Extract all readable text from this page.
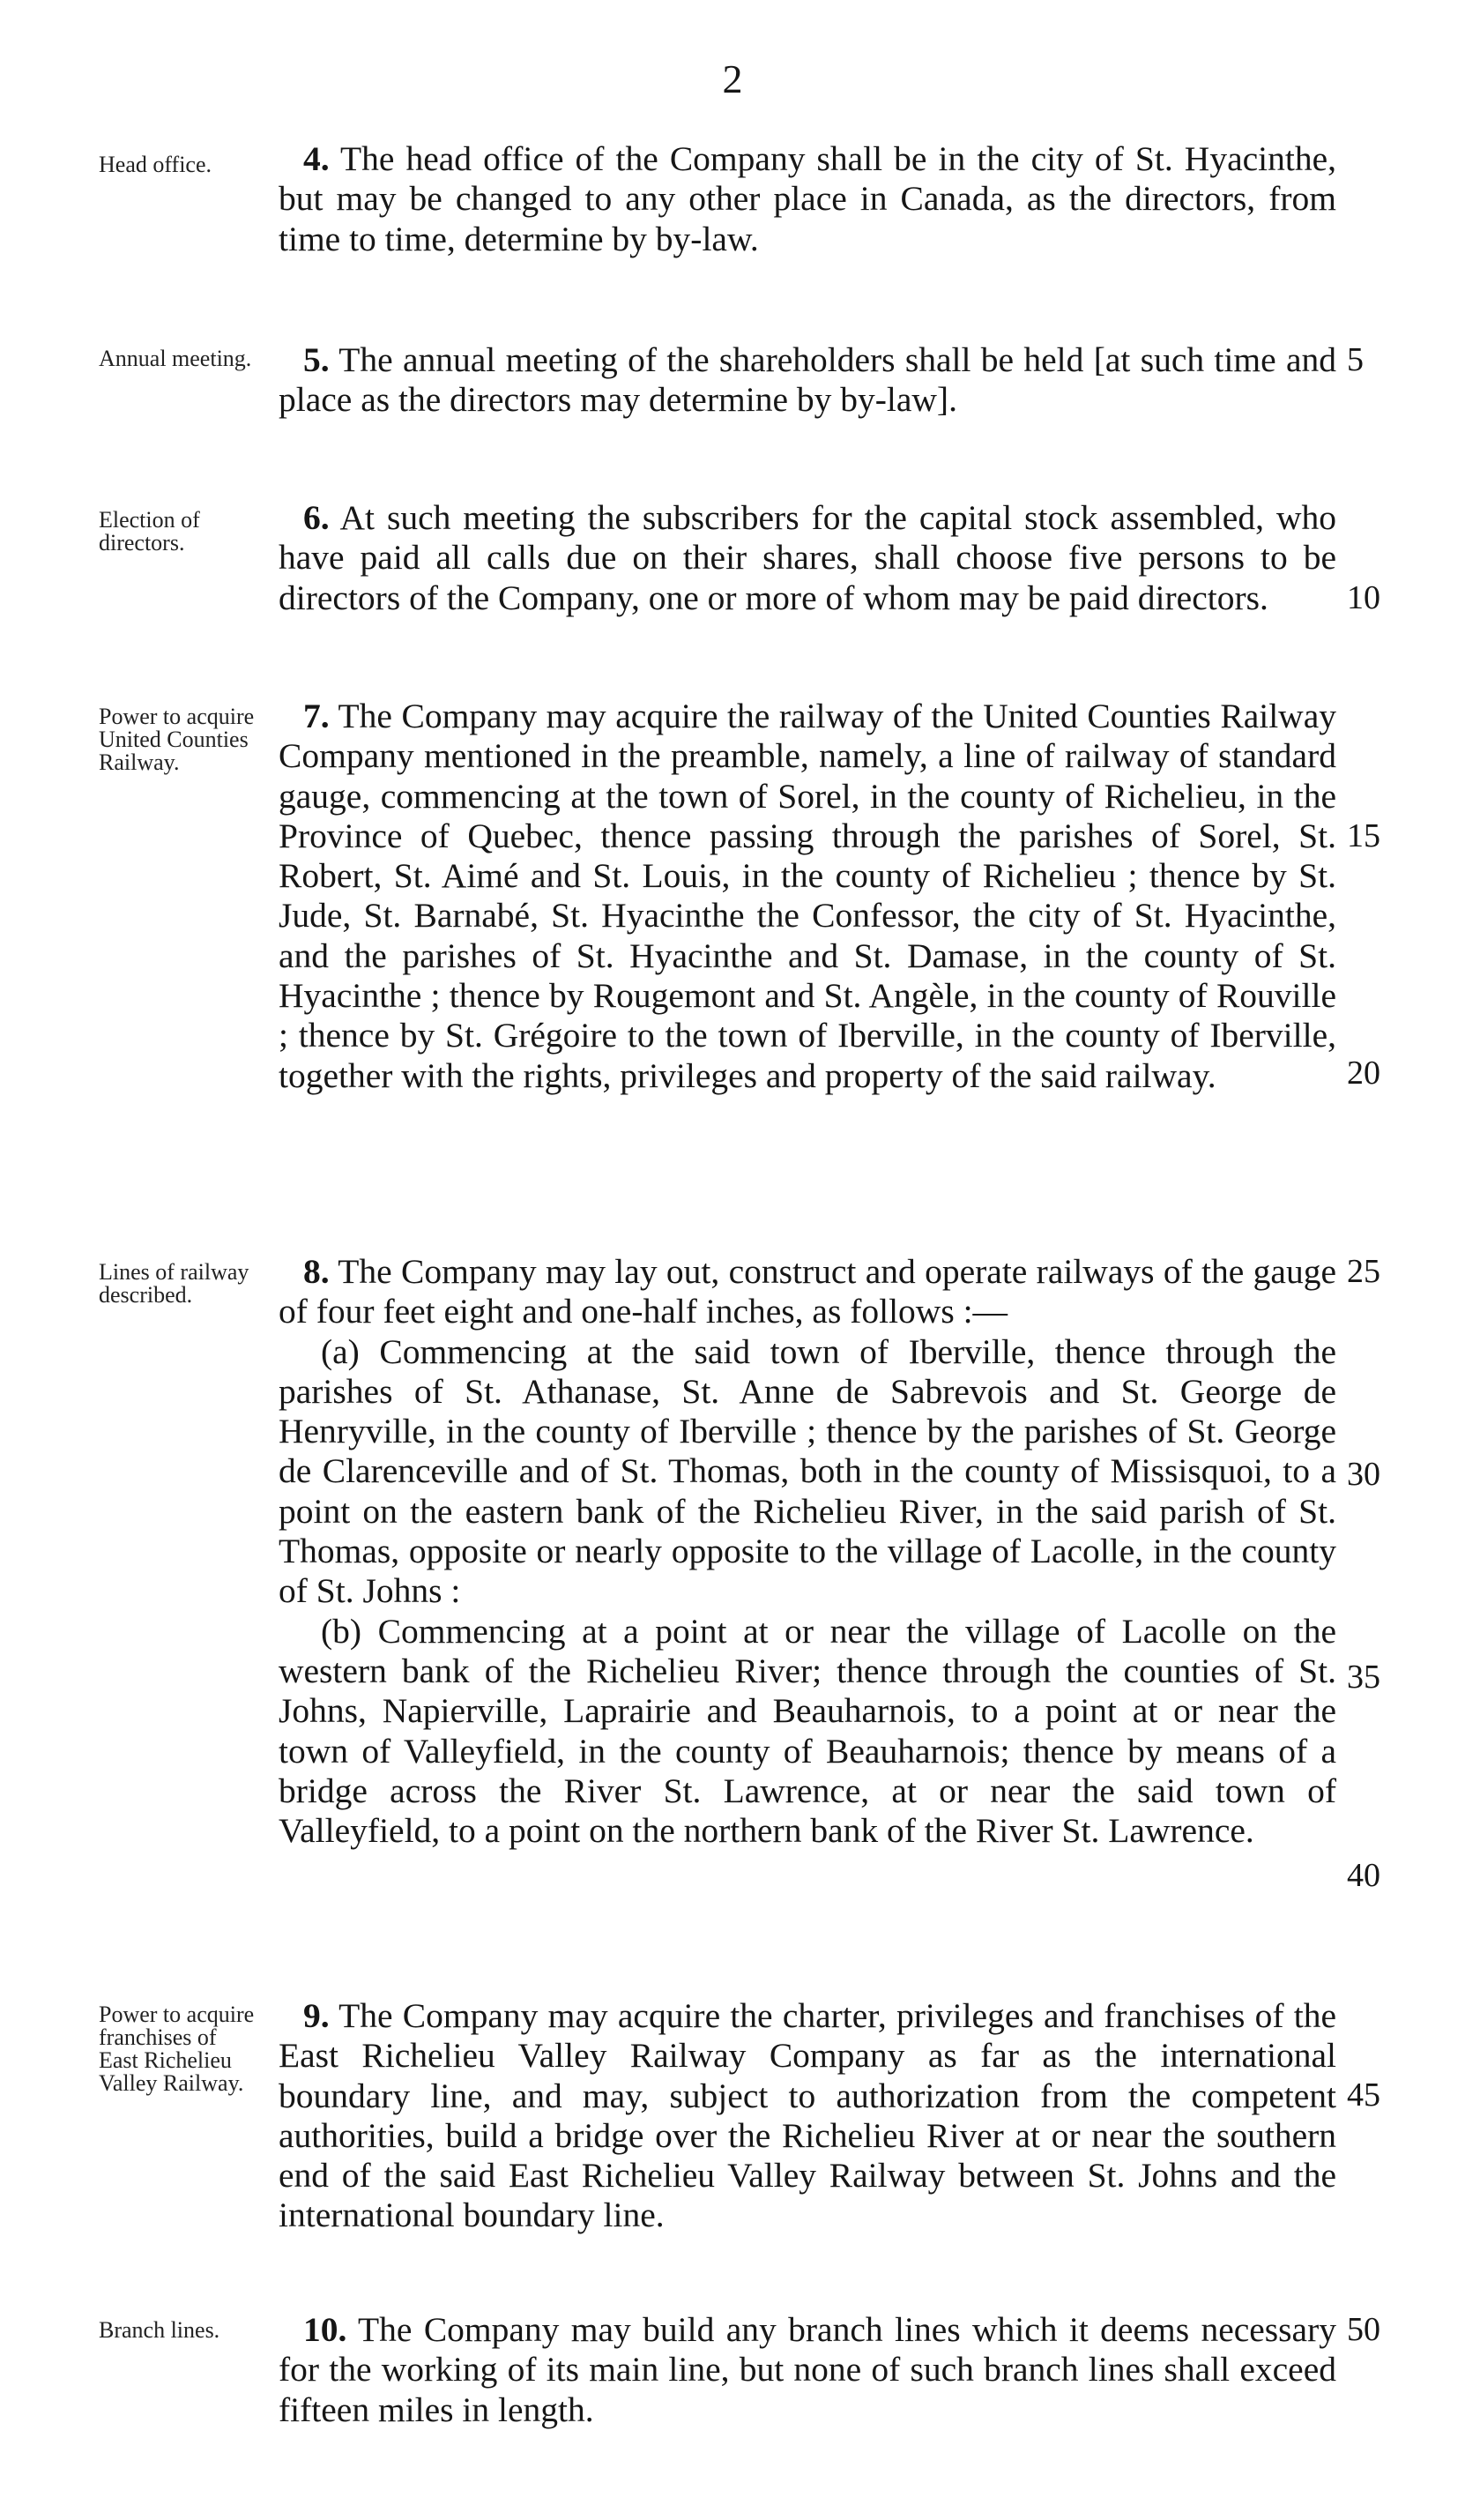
2
Head office.	4. The head office of the Company shall be in the city of St. Hyacinthe, but may be changed to any other place in Canada, as the directors, from time to time, determine by by-law.

Annual meeting.	5. The annual meeting of the shareholders shall be held [at such time and place as the directors may determine by by-law].

Election of directors.

6. At such meeting the subscribers for the capital stock assembled, who have paid all calls due on their shares, shall choose five persons to be directors of the Company, one or more of whom may be paid directors.

Power to acquire United Counties Railway.

7. The Company may acquire the railway of the United Counties Railway Company mentioned in the preamble, namely, a line of railway of standard gauge, commencing at the town of Sorel, in the county of Richelieu, in the Province of Quebec, thence passing through the parishes of Sorel, St. Robert, St. Aimé and St. Louis, in the county of Richelieu ; thence by St. Jude, St. Barnabé, St. Hyacinthe the Confessor, the city of St. Hyacinthe, and the parishes of St. Hyacinthe and St. Damase, in the county of St. Hyacinthe ; thence by Rougemont and St. Angèle, in the county of Rouville ; thence by St. Grégoire to the town of Iberville, in the county of Iberville, together with the rights, privileges and property of the said railway.

Lines of railway described.

8. The Company may lay out, construct and operate railways of the gauge of four feet eight and one-half inches, as follows :—

(a) Commencing at the said town of Iberville, thence through the parishes of St. Athanase, St. Anne de Sabrevois and St. George de Henryville, in the county of Iberville ; thence by the parishes of St. George de Clarenceville and of St. Thomas, both in the county of Missisquoi, to a point on the eastern bank of the Richelieu River, in the said parish of St. Thomas, opposite or nearly opposite to the village of Lacolle, in the county of St. Johns :

(b) Commencing at a point at or near the village of Lacolle on the western bank of the Richelieu River; thence through the counties of St. Johns, Napierville, Laprairie and Beauharnois, to a point at or near the town of Valleyfield, in the county of Beauharnois; thence by means of a bridge across the River St. Lawrence, at or near the said town of Valleyfield, to a point on the northern bank of the River St. Lawrence.

Power to acquire franchises of East Richelieu Valley Railway.

9. The Company may acquire the charter, privileges and franchises of the East Richelieu Valley Railway Company as far as the international boundary line, and may, subject to authorization from the competent authorities, build a bridge over the Richelieu River at or near the southern end of the said East Richelieu Valley Railway between St. Johns and the international boundary line.

Branch lines.	10. The Company may build any branch lines which it deems necessary for the working of its main line, but none of such branch lines shall exceed fifteen miles in length.

5
10
15
20
25
30
35
40
45
50
